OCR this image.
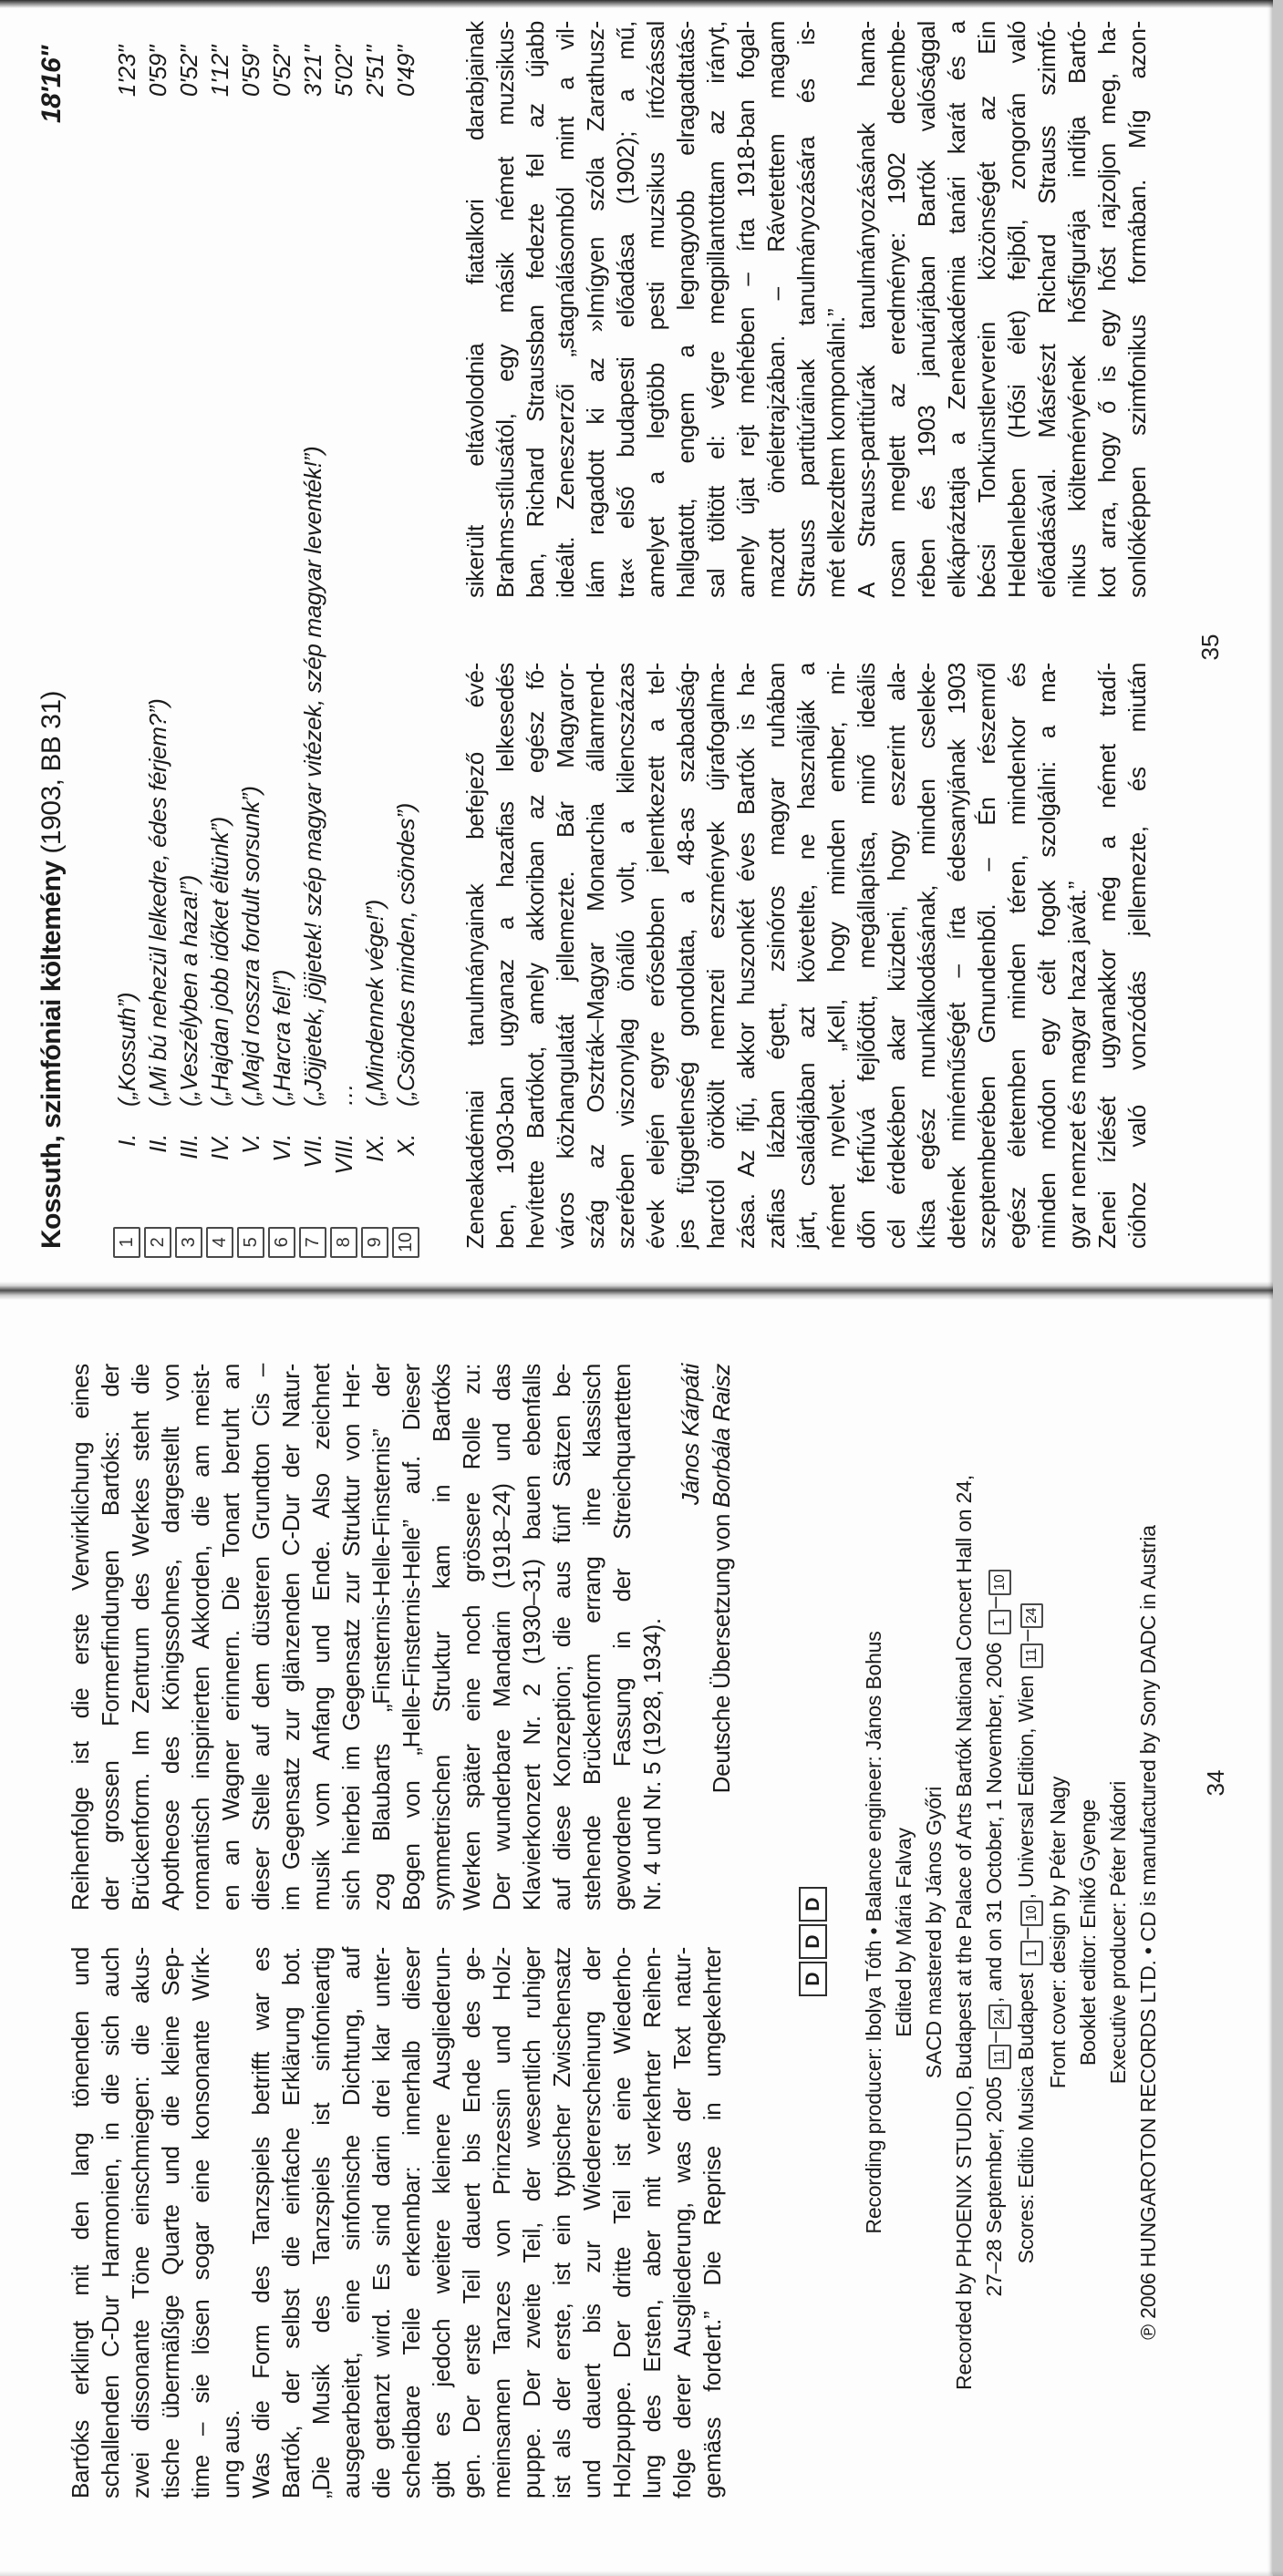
Kossuth, szimfóniai költemény (1903, BB 31)
18'16"
1
I.
(„Kossuth”)
1'23"
2
II.
(„Mi bú nehezül lelkedre, édes férjem?”)
0'59"
3
III.
(„Veszélyben a haza!”)
0'52"
4
IV.
(„Hajdan jobb időket éltünk”)
1'12"
5
V.
(„Majd rosszra fordult sorsunk”)
0'59"
6
VI.
(„Harcra fel!”)
0'52"
7
VII.
(„Jöjjetek, jöjjetek! szép magyar vitézek, szép magyar leventék!”)
3'21"
8
VIII.
…
5'02"
9
IX.
(„Mindennek vége!”)
2'51"
10
X.
(„Csöndes minden, csöndes”)
0'49"
Zeneakadémiai tanulmányainak befejező évé- ben, 1903-ban ugyanaz a hazafias lelkesedés hevítette Bartókot, amely akkoriban az egész fő- város közhangulatát jellemezte. Bár Magyaror- szág az Osztrák–Magyar Monarchia államrend- szerében viszonylag önálló volt, a kilencszázas évek elején egyre erősebben jelentkezett a tel- jes függetlenség gondolata, a 48-as szabadság- harctól örökölt nemzeti eszmények újrafogalma- zása. Az ifjú, akkor huszonkét éves Bartók is ha- zafias lázban égett, zsinóros magyar ruhában járt, családjában azt követelte, ne használják a német nyelvet. „Kell, hogy minden ember, mi- dőn férfiúvá fejlődött, megállapítsa, minő ideális cél érdekében akar küzdeni, hogy eszerint ala- kítsa egész munkálkodásának, minden cseleke- detének minéműségét – írta édesanyjának 1903 szeptemberében Gmundenből. – Én részemről egész életemben minden téren, mindenkor és minden módon egy célt fogok szolgálni: a ma- gyar nemzet és magyar haza javát.” Zenei ízlését ugyanakkor még a német tradí- cióhoz való vonzódás jellemezte, és miután
sikerült eltávolodnia fiatalkori darabjainak Brahms-stílusától, egy másik német muzsikus- ban, Richard Straussban fedezte fel az újabb ideált. Zeneszerzői „stagnálásomból mint a vil- lám ragadott ki az »Imígyen szóla Zarathusz- tra« első budapesti előadása (1902); a mű, amelyet a legtöbb pesti muzsikus írtózással hallgatott, engem a legnagyobb elragadtatás- sal töltött el: végre megpillantottam az irányt, amely újat rejt méhében – írta 1918-ban fogal- mazott önéletrajzában. – Rávetettem magam Strauss partitúráinak tanulmányozására és is- mét elkezdtem komponálni.” A Strauss-partitúrák tanulmányozásának hama- rosan meglett az eredménye: 1902 decembe- rében és 1903 januárjában Bartók valósággal elkápráztatja a Zeneakadémia tanári karát és a bécsi Tonkünstlerverein közönségét az Ein Heldenleben (Hősi élet) fejből, zongorán való előadásával. Másrészt Richard Strauss szimfó- nikus költeményének hősfigurája indítja Bartó- kot arra, hogy ő is egy hőst rajzoljon meg, ha- sonlóképpen szimfonikus formában. Míg azon-
35
Bartóks erklingt mit den lang tönenden und schallenden C-Dur Harmonien, in die sich auch zwei dissonante Töne einschmiegen: die akus- tische übermäßige Quarte und die kleine Sep- time – sie lösen sogar eine konsonante Wirk- ung aus. Was die Form des Tanzspiels betrifft war es Bartók, der selbst die einfache Erklärung bot. „Die Musik des Tanzspiels ist sinfonieartig ausgearbeitet, eine sinfonische Dichtung, auf die getanzt wird. Es sind darin drei klar unter- scheidbare Teile erkennbar: innerhalb dieser gibt es jedoch weitere kleinere Ausgliederun- gen. Der erste Teil dauert bis Ende des ge- meinsamen Tanzes von Prinzessin und Holz- puppe. Der zweite Teil, der wesentlich ruhiger ist als der erste, ist ein typischer Zwischensatz und dauert bis zur Wiedererscheinung der Holzpuppe. Der dritte Teil ist eine Wiederho- lung des Ersten, aber mit verkehrter Reihen- folge derer Ausgliederung, was der Text natur- gemäss fordert.” Die Reprise in umgekehrter
Reihenfolge ist die erste Verwirklichung eines der grossen Formerfindungen Bartóks: der Brückenform. Im Zentrum des Werkes steht die Apotheose des Königssohnes, dargestellt von romantisch inspirierten Akkorden, die am meist- en an Wagner erinnern. Die Tonart beruht an dieser Stelle auf dem düsteren Grundton Cis – im Gegensatz zur glänzenden C-Dur der Natur- musik vom Anfang und Ende. Also zeichnet sich hierbei im Gegensatz zur Struktur von Her- zog Blaubarts „Finsternis-Helle-Finsternis” der Bogen von „Helle-Finsternis-Helle” auf. Dieser symmetrischen Struktur kam in Bartóks Werken später eine noch grössere Rolle zu: Der wunderbare Mandarin (1918–24) und das Klavierkonzert Nr. 2 (1930–31) bauen ebenfalls auf diese Konzeption; die aus fünf Sätzen be- stehende Brückenform errang ihre klassisch gewordene Fassung in der Streichquartetten Nr. 4 und Nr. 5 (1928, 1934).
János Kárpáti
Deutsche Übersetzung von Borbála Raisz
D
D
D Recording producer: Ibolya Tóth • Balance engineer: János Bohus Edited by Mária Falvay SACD mastered by János Győri Recorded by PHOENIX STUDIO, Budapest at the Palace of Arts Bartók National Concert Hall on 24, 27–28 September, 2005 11–24, and on 31 October, 1 November, 2006 1–10
Scores: Editio Musica Budapest 1–10, Universal Edition, Wien 11–24
Front cover: design by Péter Nagy Booklet editor: Enikő Gyenge Executive producer: Péter Nádori ℗ 2006 HUNGAROTON RECORDS LTD. • CD is manufactured by Sony DADC in Austria 34
